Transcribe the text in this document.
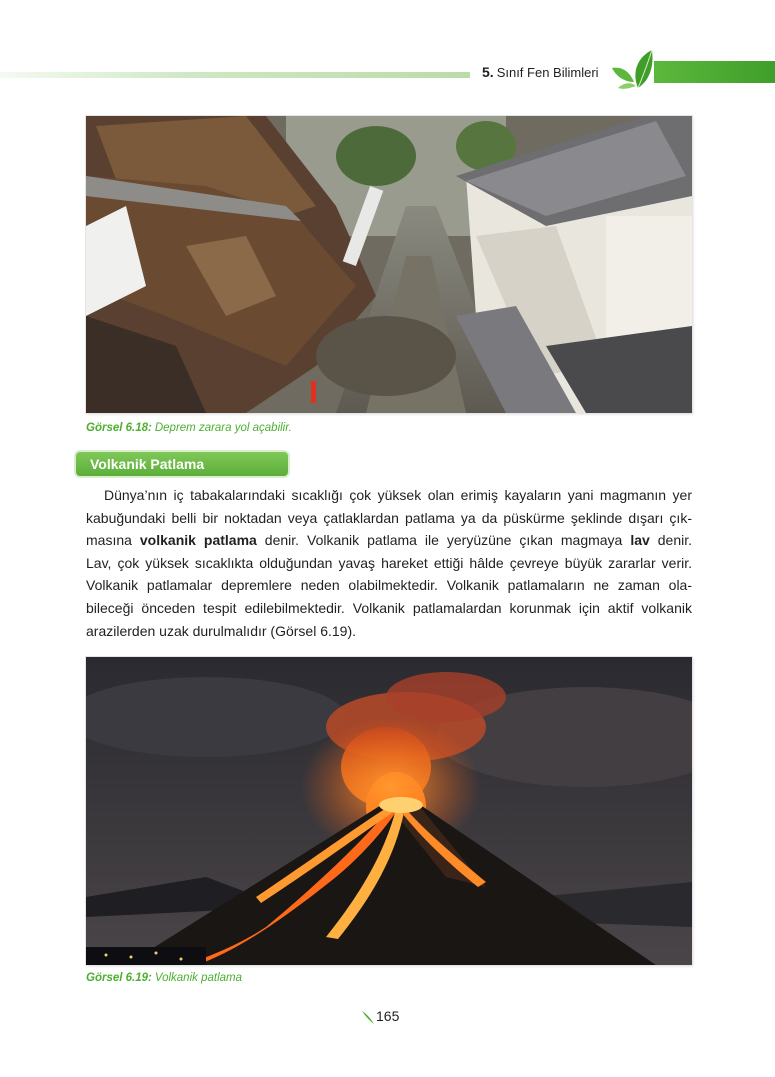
5. Sınıf Fen Bilimleri
Görsel 6.18: Deprem zarara yol açabilir.
Volkanik Patlama
Dünya’nın iç tabakalarındaki sıcaklığı çok yüksek olan erimiş kayaların yani magmanın yer
kabuğundaki belli bir noktadan veya çatlaklardan patlama ya da püskürme şeklinde dışarı çık-
masına volkanik patlama denir. Volkanik patlama ile yeryüzüne çıkan magmaya lav denir.
Lav, çok yüksek sıcaklıkta olduğundan yavaş hareket ettiği hâlde çevreye büyük zararlar verir.
Volkanik patlamalar depremlere neden olabilmektedir. Volkanik patlamaların ne zaman ola-
bileceği önceden tespit edilebilmektedir. Volkanik patlamalardan korunmak için aktif volkanik
arazilerden uzak durulmalıdır (Görsel 6.19).
Görsel 6.19: Volkanik patlama
165
